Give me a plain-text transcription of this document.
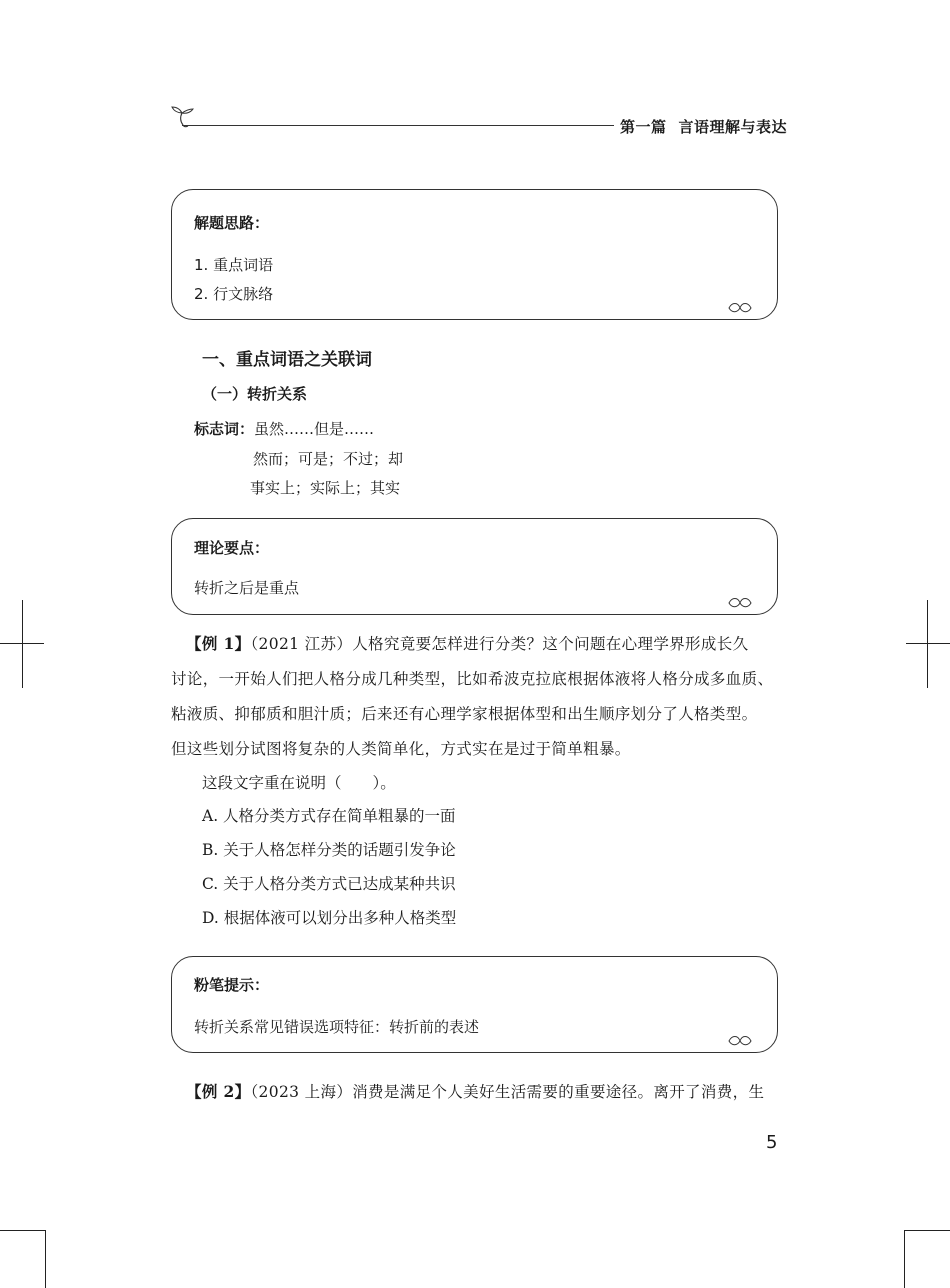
第一篇 言语理解与表达
解题思路：
1. 重点词语
2. 行文脉络
一、重点词语之关联词
（一）转折关系
标志词：虽然……但是……
然而；可是；不过；却
事实上；实际上；其实
理论要点：
转折之后是重点
【例 1】（2021 江苏）人格究竟要怎样进行分类？这个问题在心理学界形成长久
讨论，一开始人们把人格分成几种类型，比如希波克拉底根据体液将人格分成多血质、
粘液质、抑郁质和胆汁质；后来还有心理学家根据体型和出生顺序划分了人格类型。
但这些划分试图将复杂的人类简单化，方式实在是过于简单粗暴。
这段文字重在说明（　　）。
A. 人格分类方式存在简单粗暴的一面
B. 关于人格怎样分类的话题引发争论
C. 关于人格分类方式已达成某种共识
D. 根据体液可以划分出多种人格类型
粉笔提示：
转折关系常见错误选项特征：转折前的表述
【例 2】（2023 上海）消费是满足个人美好生活需要的重要途径。离开了消费，生
5
